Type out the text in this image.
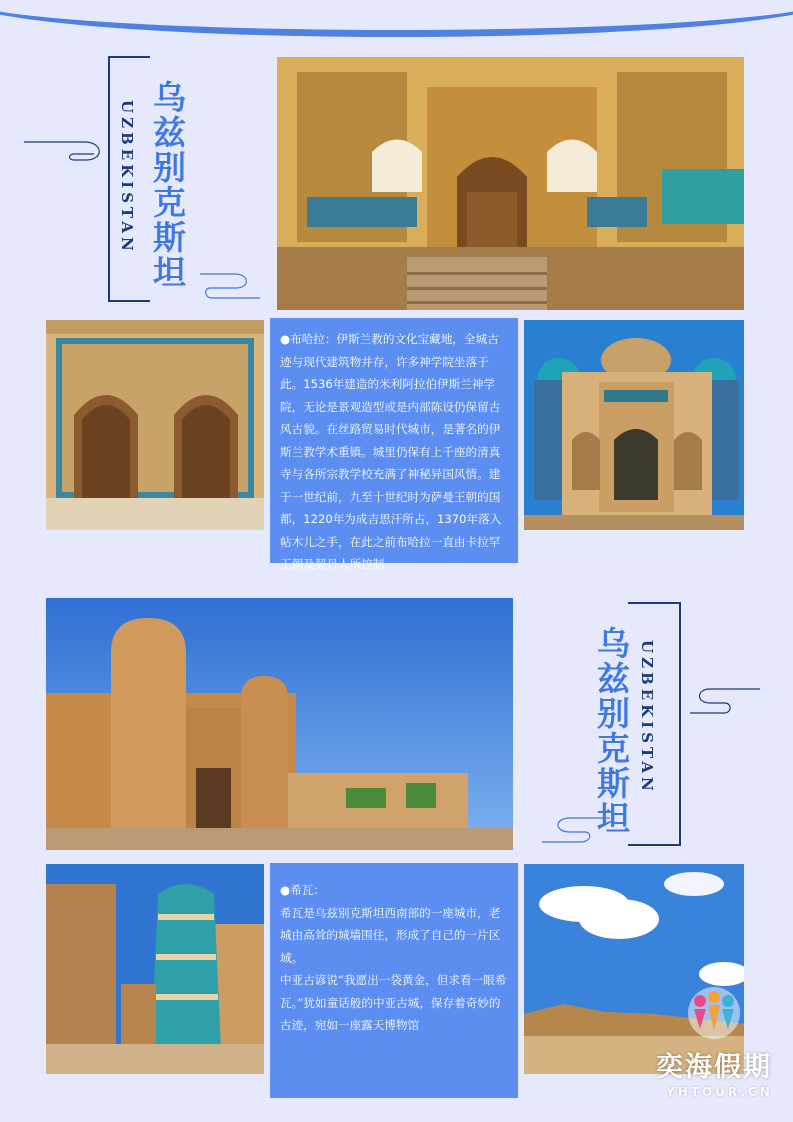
乌兹别克斯坦
UZBEKISTAN

●布哈拉：伊斯兰教的文化宝藏地，全城古迹与现代建筑物并存，许多神学院坐落于此。1536年建造的米利阿拉伯伊斯兰神学院，无论是景观造型或是内部陈设仍保留古风古貌。在丝路贸易时代城市，是著名的伊斯兰教学术重镇。城里仍保有上千座的清真寺与各所宗教学校充满了神秘异国风情。建于一世纪前，九至十世纪时为萨曼王朝的国都，1220年为成吉思汗所占，1370年落入帖木儿之手，在此之前布哈拉一直由卡拉罕王朝及契丹人所控制。

乌兹别克斯坦 UZBEKISTAN

●希瓦：

希瓦是乌兹别克斯坦西南部的一座城市，老城由高耸的城墙围住，形成了自己的一片区域。

中亚古谚说“我愿出一袋黄金，但求看一眼希瓦。”犹如童话般的中亚古城，保存着奇妙的古迹，宛如一座露天博物馆

奕海假期
YHTOUR.CN
